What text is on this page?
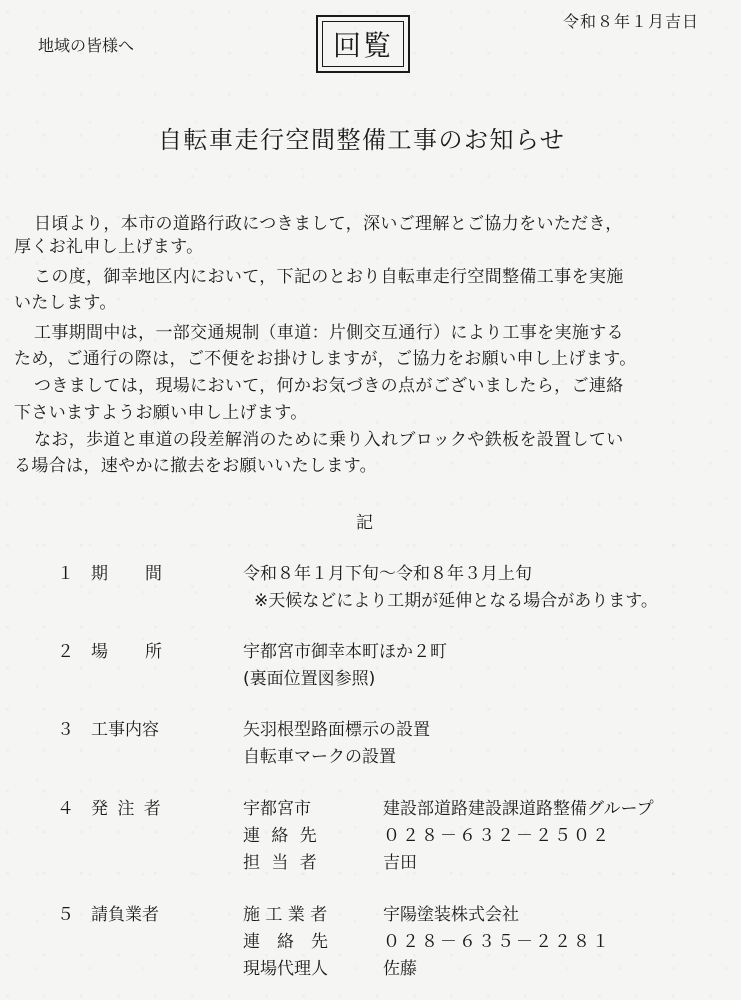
地域の皆様へ
令和８年１月吉日
回覧
自転車走行空間整備工事のお知らせ
日頃より，本市の道路行政につきまして，深いご理解とご協力をいただき，
厚くお礼申し上げます。
この度，御幸地区内において，下記のとおり自転車走行空間整備工事を実施
いたします。
工事期間中は，一部交通規制（車道：片側交互通行）により工事を実施する
ため，ご通行の際は，ご不便をお掛けしますが，ご協力をお願い申し上げます。
つきましては，現場において，何かお気づきの点がございましたら，ご連絡
下さいますようお願い申し上げます。
なお，歩道と車道の段差解消のために乗り入れブロックや鉄板を設置してい
る場合は，速やかに撤去をお願いいたします。
記
１ 期　　間	令和８年１月下旬～令和８年３月上旬
※天候などにより工期が延伸となる場合があります。
２ 場　　所	宇都宮市御幸本町ほか２町
(裏面位置図参照)
３ 工事内容	矢羽根型路面標示の設置
自転車マークの設置
４ 発 注 者	宇都宮市	建設部道路建設課道路整備グループ
連 絡 先	０２８－６３２－２５０２
担 当 者	吉田
５ 請負業者	施 工 業 者	宇陽塗装株式会社
連　絡　先	０２８－６３５－２２８１
現場代理人	佐藤
